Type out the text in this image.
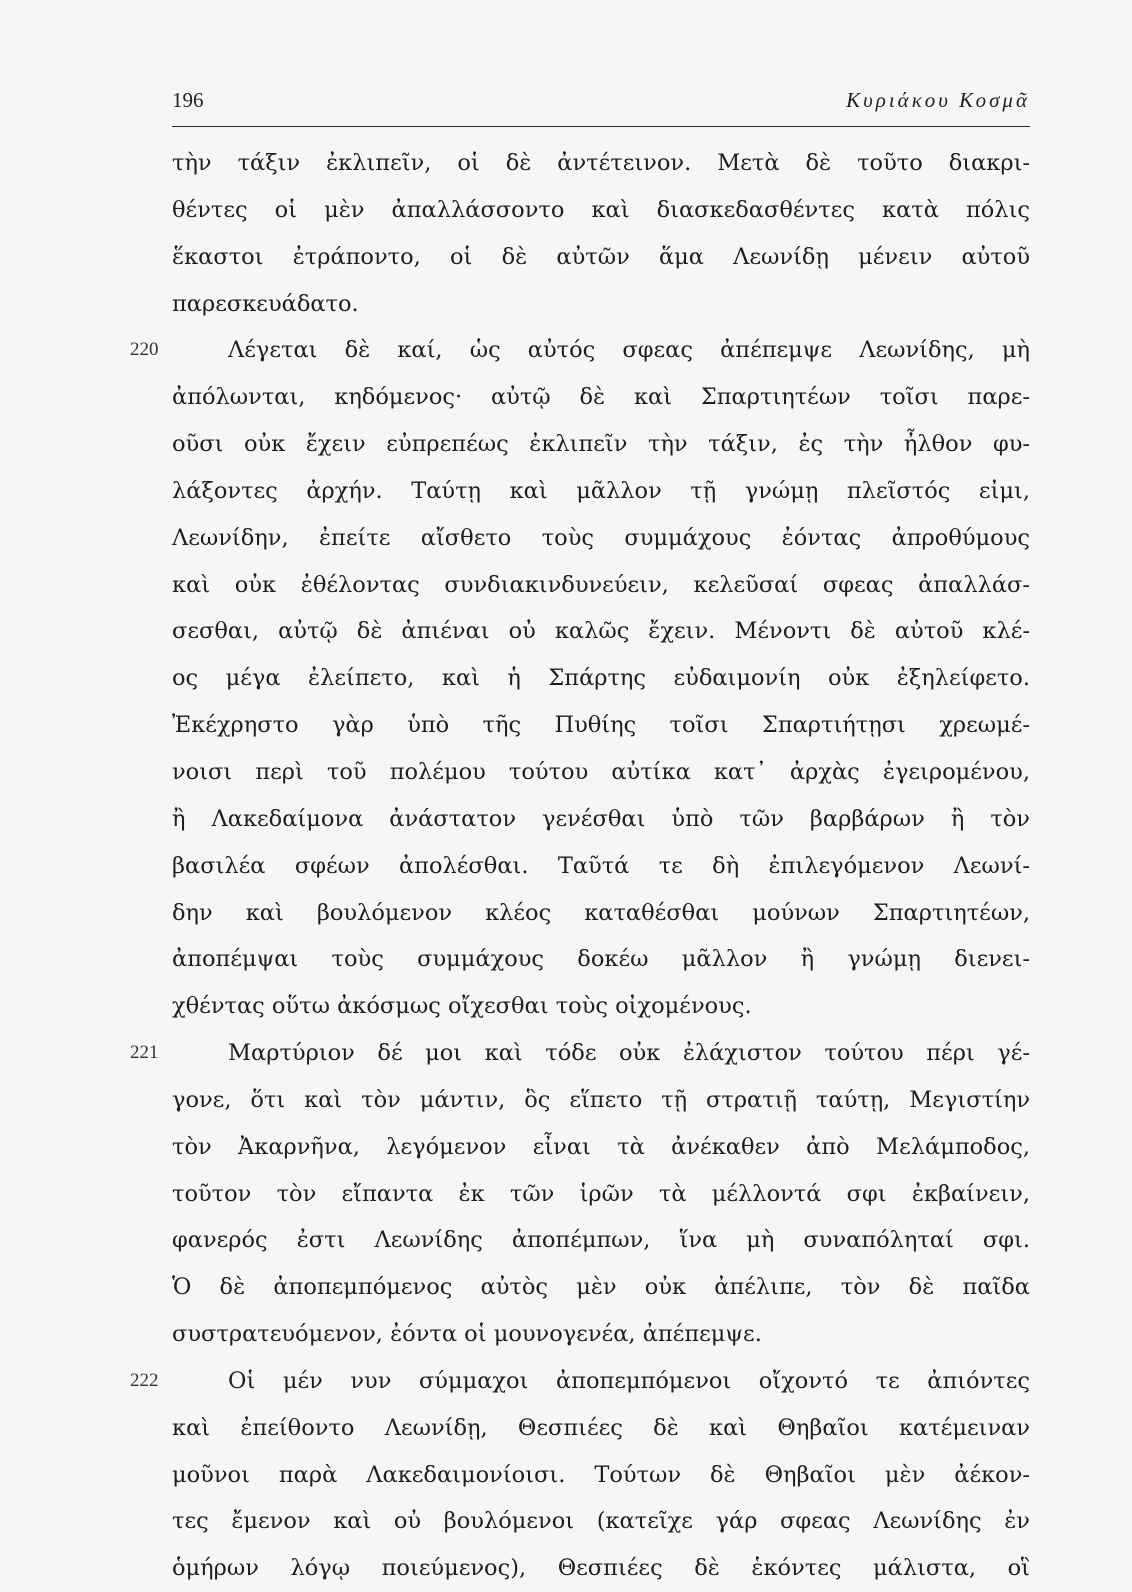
196	Κυριάκου Κοσμᾶ
τὴν τάξιν ἐκλιπεῖν, οἱ δὲ ἀντέτεινον. Μετὰ δὲ τοῦτο διακρι-
θέντες οἱ μὲν ἀπαλλάσσοντο καὶ διασκεδασθέντες κατὰ πόλις
ἕκαστοι ἐτράποντο, οἱ δὲ αὐτῶν ἅμα Λεωνίδῃ μένειν αὐτοῦ
παρεσκευάδατο.
220	Λέγεται δὲ καί, ὡς αὐτός σφεας ἀπέπεμψε Λεωνίδης, μὴ
ἀπόλωνται, κηδόμενος· αὐτῷ δὲ καὶ Σπαρτιητέων τοῖσι παρε-
οῦσι οὐκ ἔχειν εὐπρεπέως ἐκλιπεῖν τὴν τάξιν, ἐς τὴν ἦλθον φυ-
λάξοντες ἀρχήν. Ταύτῃ καὶ μᾶλλον τῇ γνώμῃ πλεῖστός εἰμι,
Λεωνίδην, ἐπείτε αἴσθετο τοὺς συμμάχους ἐόντας ἀπροθύμους
καὶ οὐκ ἐθέλοντας συνδιακινδυνεύειν, κελεῦσαί σφεας ἀπαλλάσ-
σεσθαι, αὐτῷ δὲ ἀπιέναι οὐ καλῶς ἔχειν. Μένοντι δὲ αὐτοῦ κλέ-
ος μέγα ἐλείπετο, καὶ ἡ Σπάρτης εὐδαιμονίη οὐκ ἐξηλείφετο.
Ἐκέχρηστο γὰρ ὑπὸ τῆς Πυθίης τοῖσι Σπαρτιήτῃσι χρεωμέ-
νοισι περὶ τοῦ πολέμου τούτου αὐτίκα κατ᾽ ἀρχὰς ἐγειρομένου,
ἢ Λακεδαίμονα ἀνάστατον γενέσθαι ὑπὸ τῶν βαρβάρων ἢ τὸν
βασιλέα σφέων ἀπολέσθαι. Ταῦτά τε δὴ ἐπιλεγόμενον Λεωνί-
δην καὶ βουλόμενον κλέος καταθέσθαι μούνων Σπαρτιητέων,
ἀποπέμψαι τοὺς συμμάχους δοκέω μᾶλλον ἢ γνώμῃ διενει-
χθέντας οὕτω ἀκόσμως οἴχεσθαι τοὺς οἰχομένους.
221	Μαρτύριον δέ μοι καὶ τόδε οὐκ ἐλάχιστον τούτου πέρι γέ-
γονε, ὅτι καὶ τὸν μάντιν, ὃς εἵπετο τῇ στρατιῇ ταύτῃ, Μεγιστίην
τὸν Ἀκαρνῆνα, λεγόμενον εἶναι τὰ ἀνέκαθεν ἀπὸ Μελάμποδος,
τοῦτον τὸν εἴπαντα ἐκ τῶν ἱρῶν τὰ μέλλοντά σφι ἐκβαίνειν,
φανερός ἐστι Λεωνίδης ἀποπέμπων, ἵνα μὴ συναπόληταί σφι.
Ὁ δὲ ἀποπεμπόμενος αὐτὸς μὲν οὐκ ἀπέλιπε, τὸν δὲ παῖδα
συστρατευόμενον, ἐόντα οἱ μουνογενέα, ἀπέπεμψε.
222	Οἱ μέν νυν σύμμαχοι ἀποπεμπόμενοι οἴχοντό τε ἀπιόντες
καὶ ἐπείθοντο Λεωνίδῃ, Θεσπιέες δὲ καὶ Θηβαῖοι κατέμειναν
μοῦνοι παρὰ Λακεδαιμονίοισι. Τούτων δὲ Θηβαῖοι μὲν ἀέκον-
τες ἔμενον καὶ οὐ βουλόμενοι (κατεῖχε γάρ σφεας Λεωνίδης ἐν
ὁμήρων λόγῳ ποιεύμενος), Θεσπιέες δὲ ἑκόντες μάλιστα, οἳ
